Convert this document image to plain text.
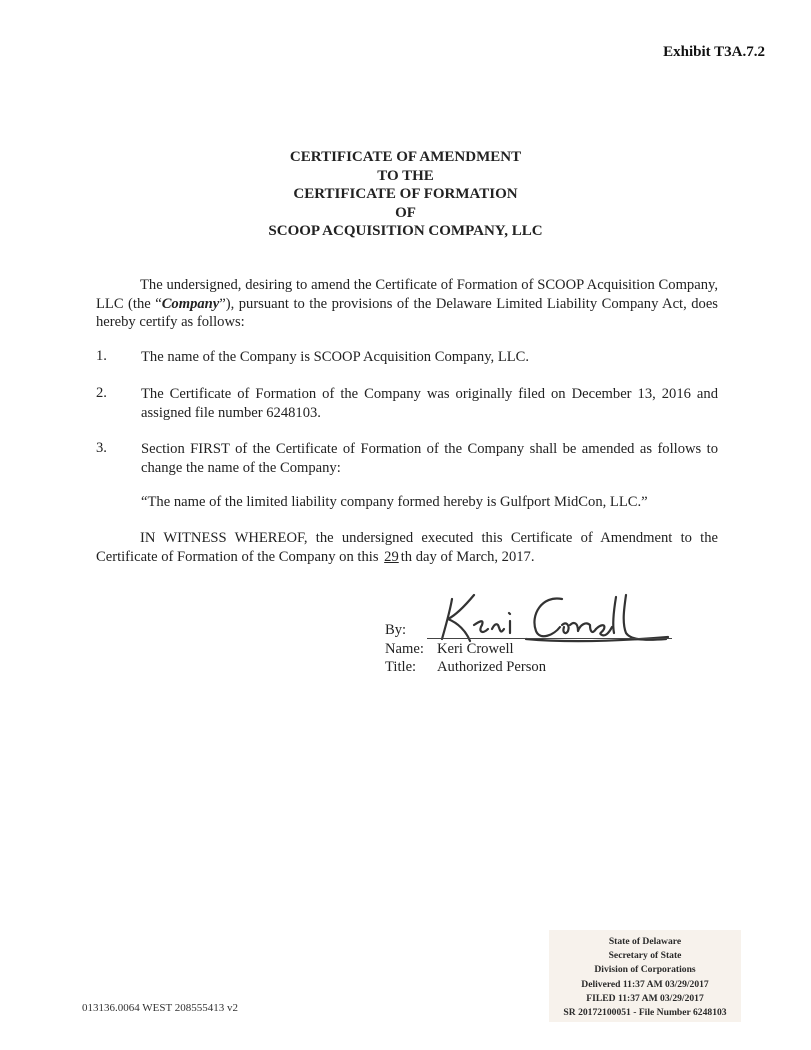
Exhibit T3A.7.2
CERTIFICATE OF AMENDMENT
TO THE
CERTIFICATE OF FORMATION
OF
SCOOP ACQUISITION COMPANY, LLC
The undersigned, desiring to amend the Certificate of Formation of SCOOP Acquisition Company, LLC (the “Company”), pursuant to the provisions of the Delaware Limited Liability Company Act, does hereby certify as follows:
1. The name of the Company is SCOOP Acquisition Company, LLC.
2. The Certificate of Formation of the Company was originally filed on December 13, 2016 and assigned file number 6248103.
3. Section FIRST of the Certificate of Formation of the Company shall be amended as follows to change the name of the Company:
“The name of the limited liability company formed hereby is Gulfport MidCon, LLC.”
IN WITNESS WHEREOF, the undersigned executed this Certificate of Amendment to the Certificate of Formation of the Company on this 29 th day of March, 2017.
By:
Name: Keri Crowell
Title: Authorized Person
013136.0064 WEST 208555413 v2
State of Delaware
Secretary of State
Division of Corporations
Delivered 11:37 AM 03/29/2017
FILED 11:37 AM 03/29/2017
SR 20172100051 - File Number 6248103
